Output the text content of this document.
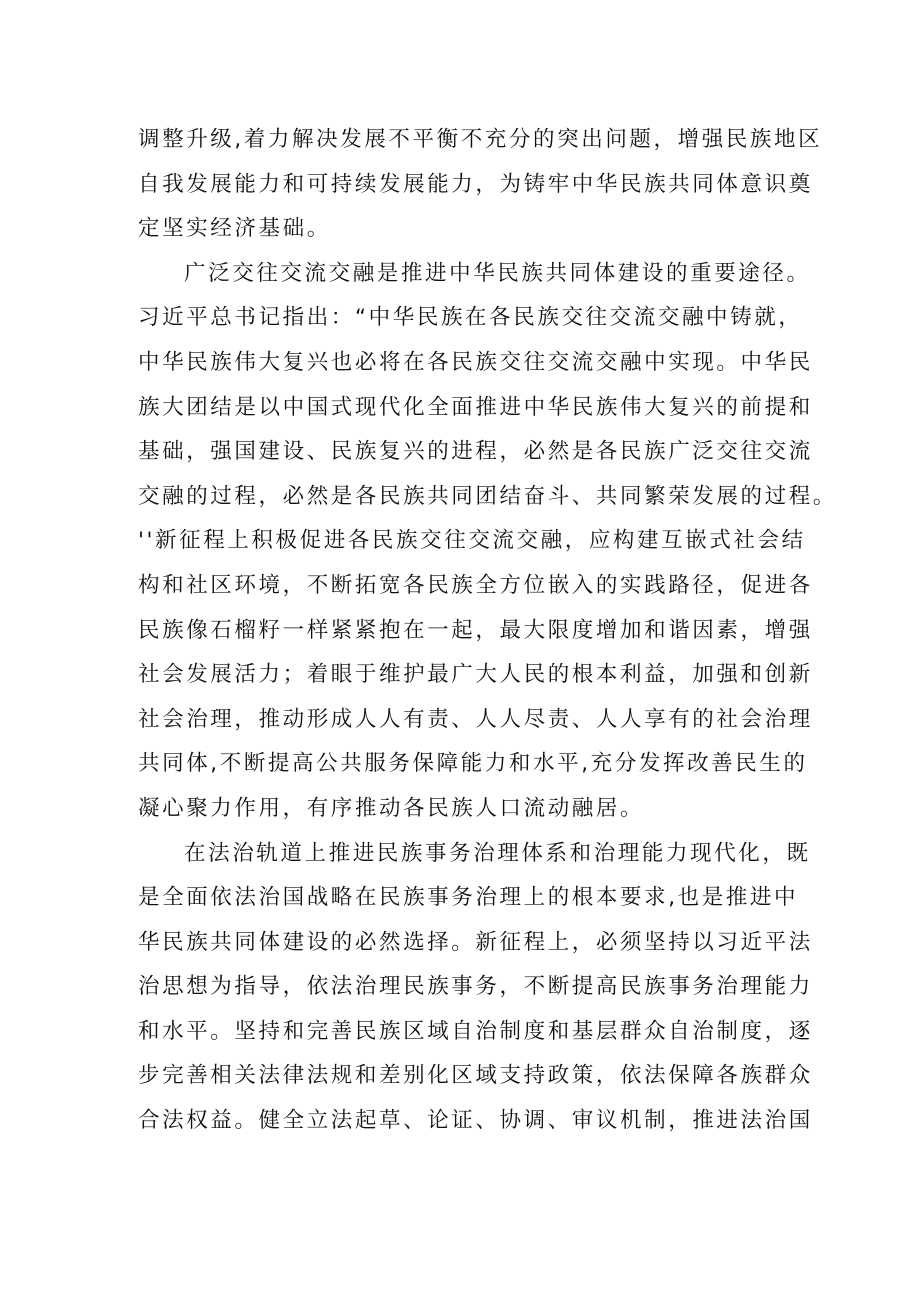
调整升级,着力解决发展不平衡不充分的突出问题，增强民族地区
自我发展能力和可持续发展能力，为铸牢中华民族共同体意识奠
定坚实经济基础。
广泛交往交流交融是推进中华民族共同体建设的重要途径。
习近平总书记指出：“中华民族在各民族交往交流交融中铸就，
中华民族伟大复兴也必将在各民族交往交流交融中实现。中华民
族大团结是以中国式现代化全面推进中华民族伟大复兴的前提和
基础，强国建设、民族复兴的进程，必然是各民族广泛交往交流
交融的过程，必然是各民族共同团结奋斗、共同繁荣发展的过程。
''新征程上积极促进各民族交往交流交融，应构建互嵌式社会结
构和社区环境，不断拓宽各民族全方位嵌入的实践路径，促进各
民族像石榴籽一样紧紧抱在一起，最大限度增加和谐因素，增强
社会发展活力；着眼于维护最广大人民的根本利益，加强和创新
社会治理，推动形成人人有责、人人尽责、人人享有的社会治理
共同体,不断提高公共服务保障能力和水平,充分发挥改善民生的
凝心聚力作用，有序推动各民族人口流动融居。
在法治轨道上推进民族事务治理体系和治理能力现代化，既
是全面依法治国战略在民族事务治理上的根本要求,也是推进中
华民族共同体建设的必然选择。新征程上，必须坚持以习近平法
治思想为指导，依法治理民族事务，不断提高民族事务治理能力
和水平。坚持和完善民族区域自治制度和基层群众自治制度，逐
步完善相关法律法规和差别化区域支持政策，依法保障各族群众
合法权益。健全立法起草、论证、协调、审议机制，推进法治国
